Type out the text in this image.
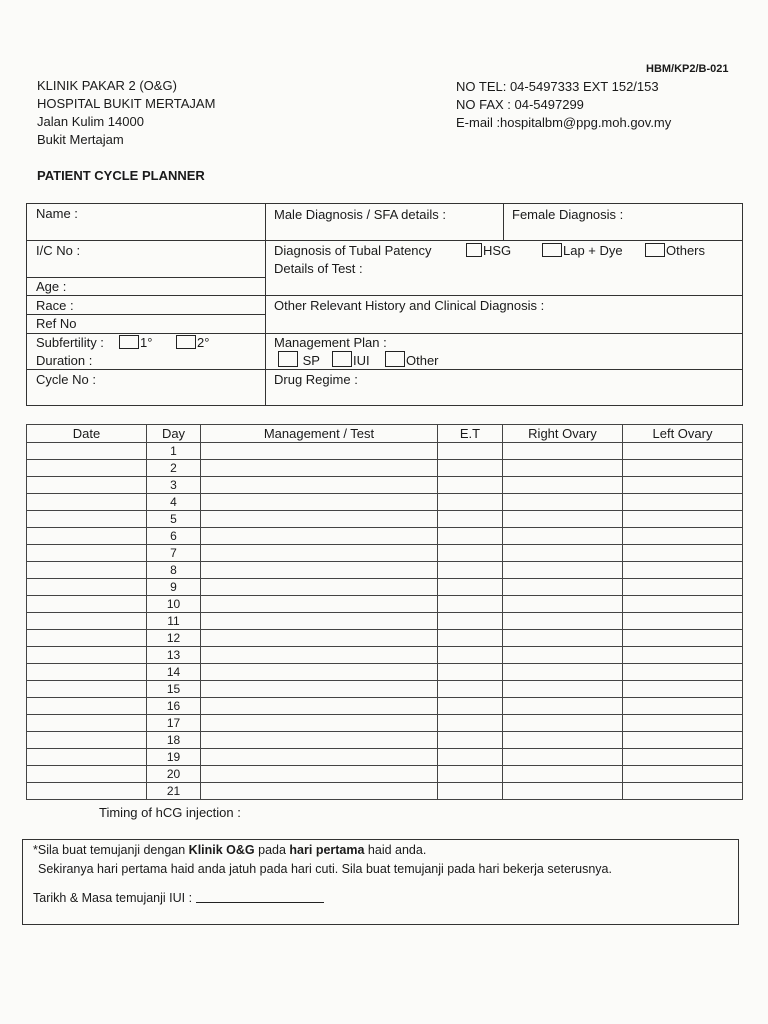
HBM/KP2/B-021
KLINIK PAKAR 2 (O&G)
HOSPITAL BUKIT MERTAJAM
Jalan Kulim 14000
Bukit Mertajam
NO TEL: 04-5497333 EXT 152/153
NO FAX : 04-5497299
E-mail :hospitalbm@ppg.moh.gov.my
PATIENT CYCLE PLANNER
Name :	Male Diagnosis / SFA details :	Female Diagnosis :
I/C No :	Diagnosis of Tubal Patency	HSG	Lap + Dye	Others
Details of Test :
Age :
Race :	Other Relevant History and Clinical Diagnosis :
Ref No
Subfertility :	1°	2°
Duration :
Management Plan :
SP	IUI	Other
Cycle No :	Drug Regime :
Date	Day	Management / Test	E.T	Right Ovary	Left Ovary
	1				
	2				
	3				
	4				
	5				
	6				
	7				
	8				
	9				
	10				
	11				
	12				
	13				
	14				
	15				
	16				
	17				
	18				
	19				
	20				
	21				
Timing of hCG injection :
*Sila buat temujanji dengan Klinik O&G pada hari pertama haid anda.
Sekiranya hari pertama haid anda jatuh pada hari cuti. Sila buat temujanji pada hari bekerja seterusnya.
Tarikh & Masa temujanji IUI :
